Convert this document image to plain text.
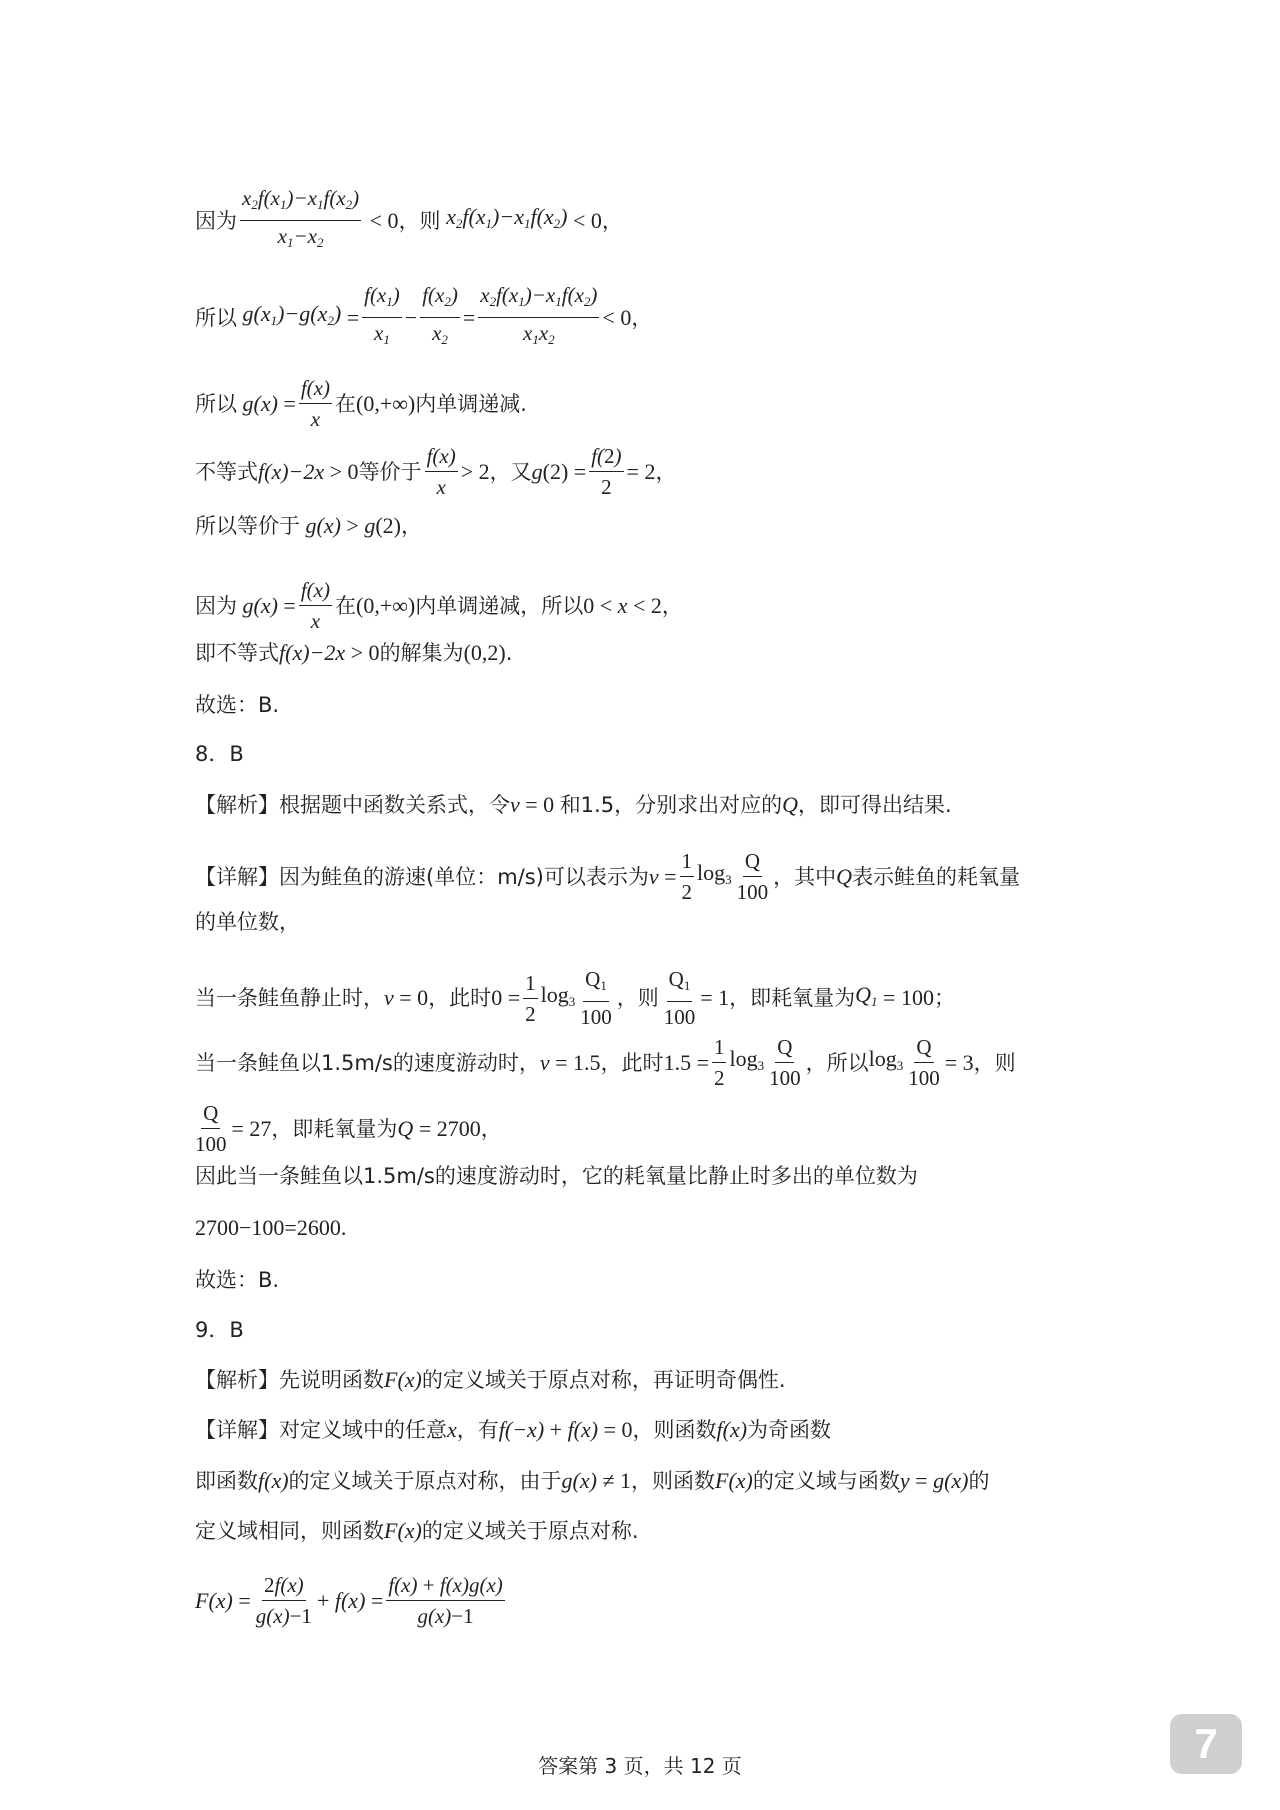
因为 $\frac{x_2f(x_1)-x_1f(x_2)}{x_1-x_2} < 0$ ，则 $x_2f(x_1)-x_1f(x_2) < 0$ ，
所以 $g(x_1)-g(x_2) = \frac{f(x_1)}{x_1} - \frac{f(x_2)}{x_2} = \frac{x_2f(x_1)-x_1f(x_2)}{x_1x_2} < 0$ ，
所以 $g(x) = \frac{f(x)}{x}$ 在 (0,+∞) 内单调递减.
不等式 f(x)−2x > 0 等价于 $\frac{f(x)}{x} > 2$ ，又 g $(2) = \frac{f(2)}{2} = 2$ ，
所以等价于 g(x) > g (2) ，
因为 $g(x) = \frac{f(x)}{x}$ 在 (0,+∞) 内单调递减，所以 0 < x < 2 ，
即不等式 f(x)−2x > 0 的解集为 (0,2) .
故选：B.
8．B
【解析】根据题中函数关系式，令 v = 0 和1.5，分别求出对应的 Q ，即可得出结果.
【详解】因为鲑鱼的游速(单位：m/s)可以表示为 $v = \frac{1}{2} \log_3 \frac{Q}{100}$ ，其中 Q 表示鲑鱼的耗氧量
的单位数，
当一条鲑鱼静止时， v = 0 ，此时 $0 = \frac{1}{2} \log_3 \frac{Q_1}{100}$ ，则 $\frac{Q_1}{100} = 1$ ，即耗氧量为 $Q_1 = 100$ ；
当一条鲑鱼以1.5m/s的速度游动时， v = 1.5 ，此时 $1.5 = \frac{1}{2} \log_3 \frac{Q}{100}$ ，所以 $\log_3 \frac{Q}{100} = 3$ ，则
$\frac{Q}{100} = 27$ ，即耗氧量为 Q = 2700 ，
因此当一条鲑鱼以1.5m/s的速度游动时，它的耗氧量比静止时多出的单位数为
2700−100=2600.
故选：B.
9．B
【解析】先说明函数 F(x) 的定义域关于原点对称，再证明奇偶性.
【详解】对定义域中的任意 x ，有 f(−x) + f(x) = 0 ，则函数 f(x) 为奇函数
即函数 f(x) 的定义域关于原点对称，由于 g(x) ≠ 1 ，则函数 F(x) 的定义域与函数 y = g(x) 的
定义域相同，则函数 F(x) 的定义域关于原点对称.
$F(x) = \frac{2f(x)}{g(x)-1} + f(x) = \frac{f(x) + f(x)g(x)}{g(x)-1}$
答案第 3 页，共 12 页	7
